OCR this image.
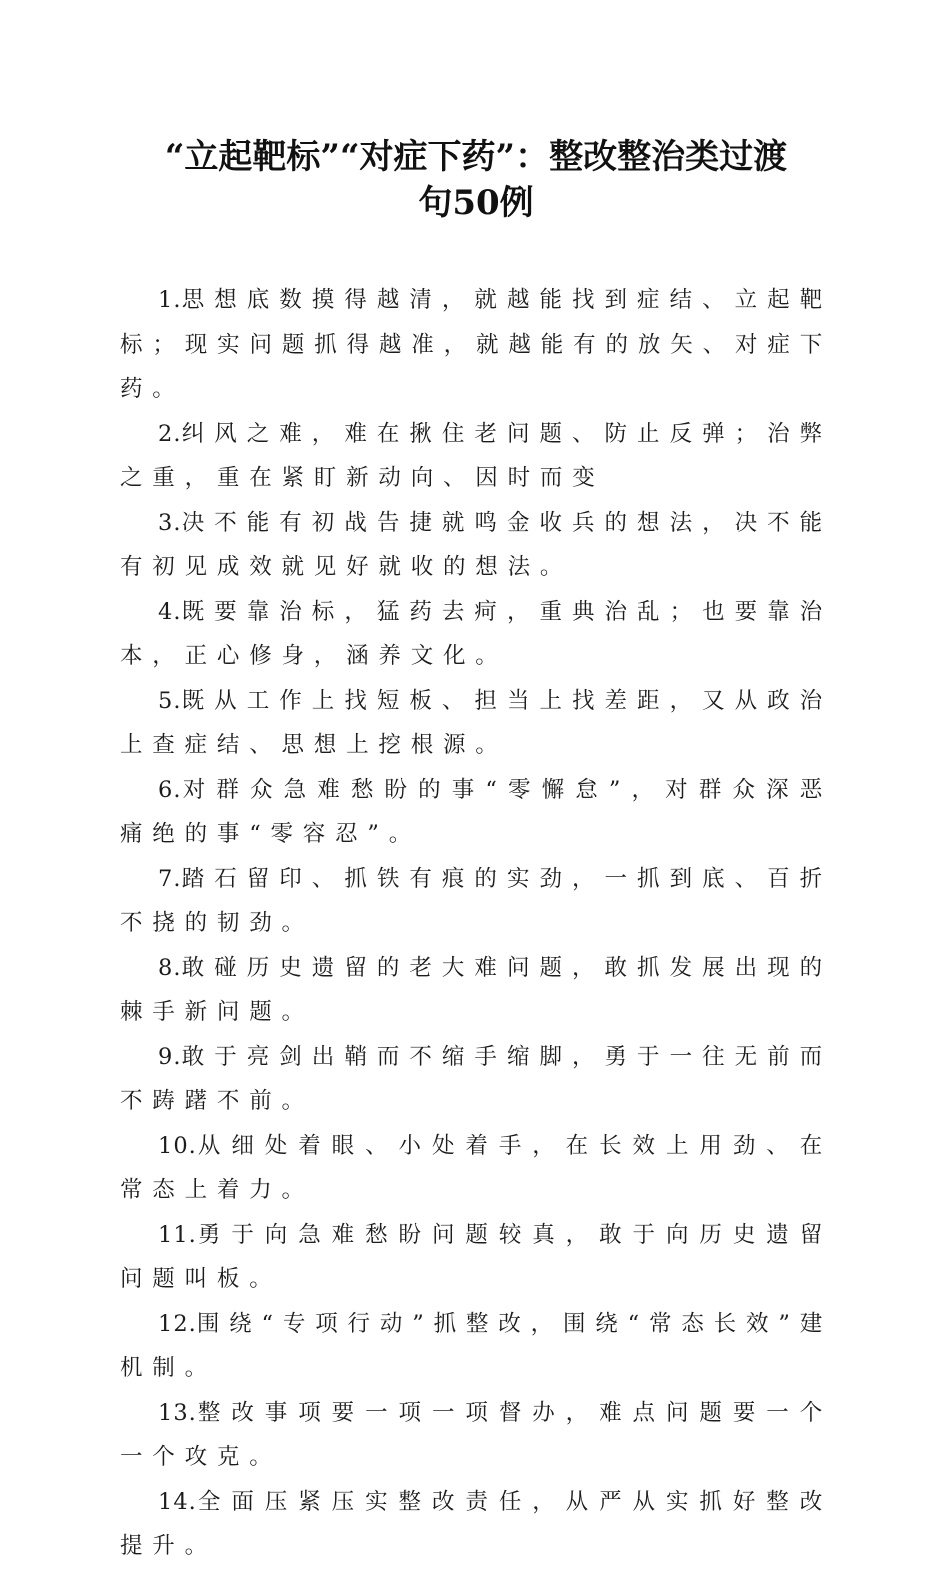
“立起靶标”“对症下药”：整改整治类过渡
句50例

1.思想底数摸得越清，就越能找到症结、立起靶标；现实问题抓得越准，就越能有的放矢、对症下药。

2.纠风之难，难在揪住老问题、防止反弹；治弊之重，重在紧盯新动向、因时而变

3.决不能有初战告捷就鸣金收兵的想法，决不能有初见成效就见好就收的想法。

4.既要靠治标，猛药去疴，重典治乱；也要靠治本，正心修身，涵养文化。

5.既从工作上找短板、担当上找差距，又从政治上查症结、思想上挖根源。

6.对群众急难愁盼的事“零懈怠”，对群众深恶痛绝的事“零容忍”。

7.踏石留印、抓铁有痕的实劲，一抓到底、百折不挠的韧劲。

8.敢碰历史遗留的老大难问题，敢抓发展出现的棘手新问题。

9.敢于亮剑出鞘而不缩手缩脚，勇于一往无前而不踌躇不前。

10.从细处着眼、小处着手，在长效上用劲、在常态上着力。

11.勇于向急难愁盼问题较真，敢于向历史遗留问题叫板。

12.围绕“专项行动”抓整改，围绕“常态长效”建机制。

13.整改事项要一项一项督办，难点问题要一个一个攻克。

14.全面压紧压实整改责任，从严从实抓好整改提升。
